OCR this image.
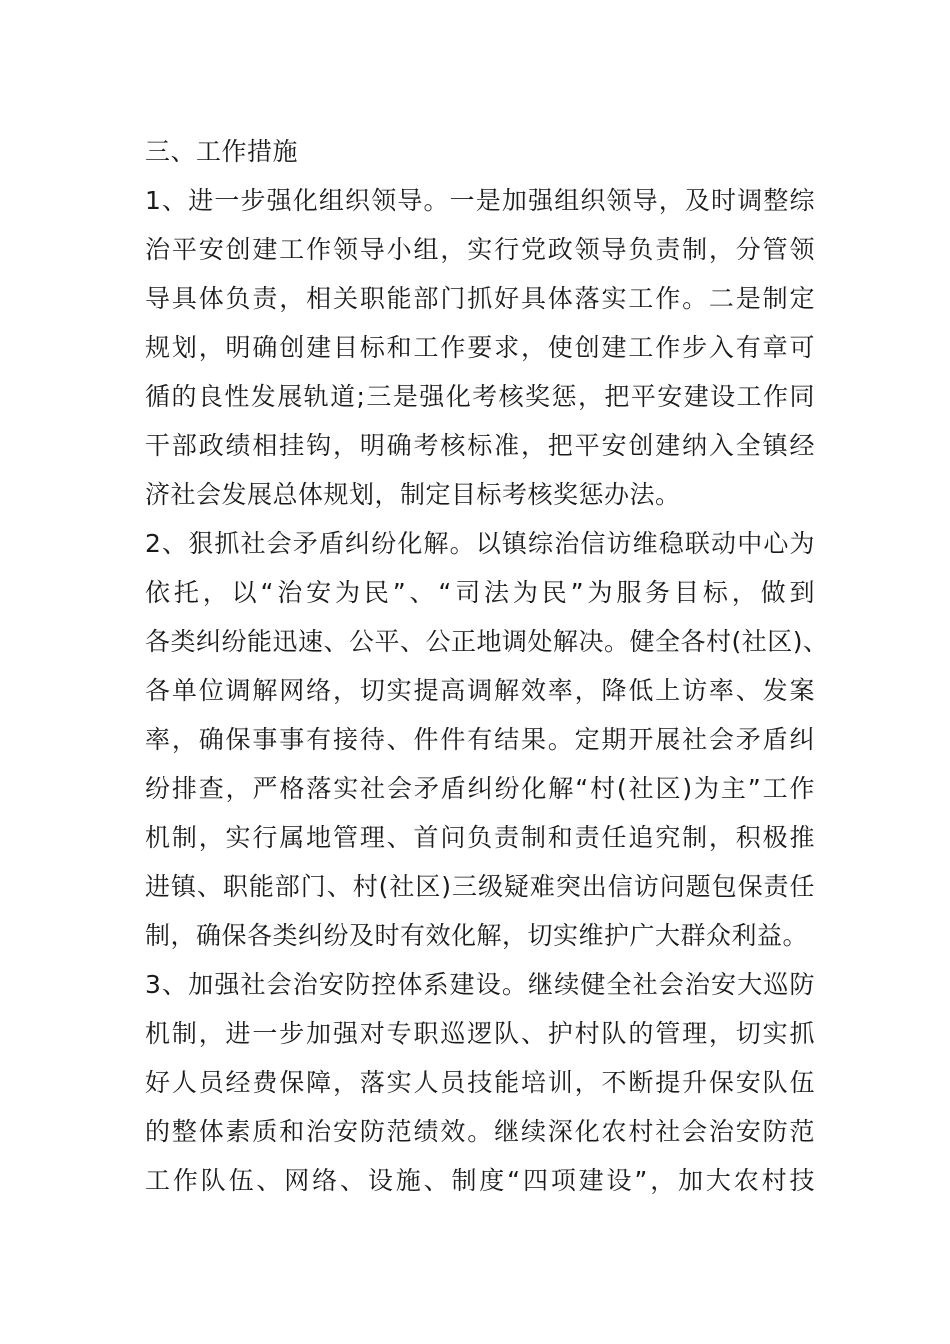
三、工作措施
1、进一步强化组织领导。一是加强组织领导，及时调整综
治平安创建工作领导小组，实行党政领导负责制，分管领
导具体负责，相关职能部门抓好具体落实工作。二是制定
规划，明确创建目标和工作要求，使创建工作步入有章可
循的良性发展轨道;三是强化考核奖惩，把平安建设工作同
干部政绩相挂钩，明确考核标准，把平安创建纳入全镇经
济社会发展总体规划，制定目标考核奖惩办法。
2、狠抓社会矛盾纠纷化解。以镇综治信访维稳联动中心为
依托，以“治安为民”、“司法为民”为服务目标，做到
各类纠纷能迅速、公平、公正地调处解决。健全各村(社区)、
各单位调解网络，切实提高调解效率，降低上访率、发案
率，确保事事有接待、件件有结果。定期开展社会矛盾纠
纷排查，严格落实社会矛盾纠纷化解“村(社区)为主”工作
机制，实行属地管理、首问负责制和责任追究制，积极推
进镇、职能部门、村(社区)三级疑难突出信访问题包保责任
制，确保各类纠纷及时有效化解，切实维护广大群众利益。
3、加强社会治安防控体系建设。继续健全社会治安大巡防
机制，进一步加强对专职巡逻队、护村队的管理，切实抓
好人员经费保障，落实人员技能培训，不断提升保安队伍
的整体素质和治安防范绩效。继续深化农村社会治安防范
工作队伍、网络、设施、制度“四项建设”，加大农村技
